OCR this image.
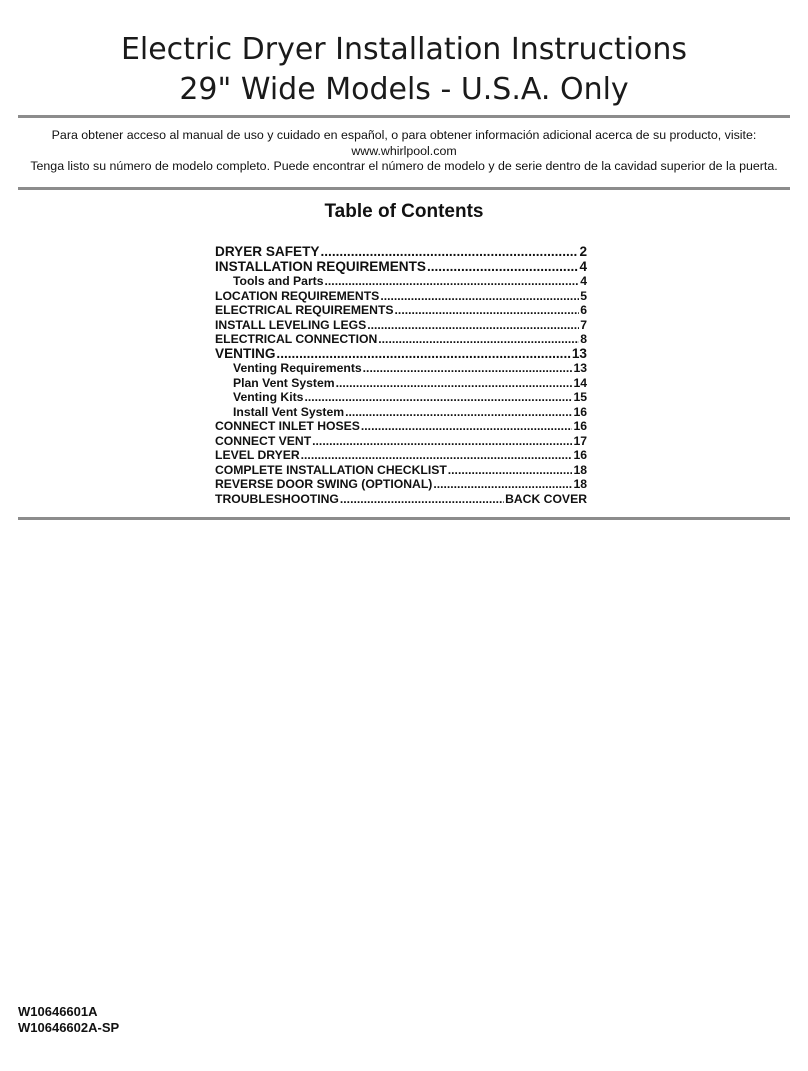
Electric Dryer Installation Instructions
29" Wide Models - U.S.A. Only
Para obtener acceso al manual de uso y cuidado en español, o para obtener información adicional acerca de su producto, visite:
www.whirlpool.com
Tenga listo su número de modelo completo. Puede encontrar el número de modelo y de serie dentro de la cavidad superior de la puerta.
Table of Contents
DRYER SAFETY .....	2
INSTALLATION REQUIREMENTS .....	4
Tools and Parts .....	4
LOCATION REQUIREMENTS .....	5
ELECTRICAL REQUIREMENTS .....	6
INSTALL LEVELING LEGS .....	7
ELECTRICAL CONNECTION .....	8
VENTING .....	13
Venting Requirements .....	13
Plan Vent System .....	14
Venting Kits .....	15
Install Vent System .....	16
CONNECT INLET HOSES .....	16
CONNECT VENT .....	17
LEVEL DRYER .....	16
COMPLETE INSTALLATION CHECKLIST .....	18
REVERSE DOOR SWING (OPTIONAL) .....	18
TROUBLESHOOTING .....	BACK COVER
W10646601A
W10646602A-SP
